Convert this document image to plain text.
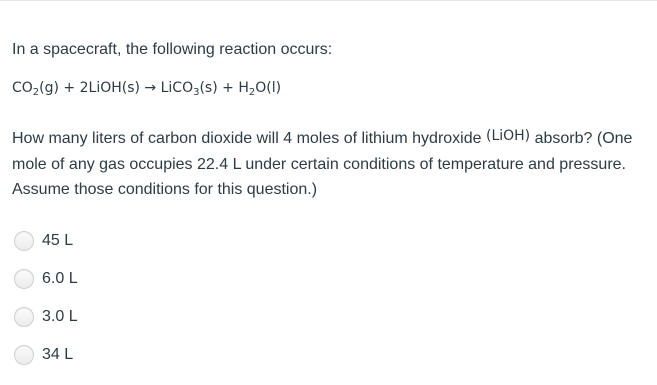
In a spacecraft, the following reaction occurs:
$CO_2(g)$ + 2LiOH(s) → LiCO$_3$(s) + $H_2O(l)$
How many liters of carbon dioxide will 4 moles of lithium hydroxide (LiOH) absorb? (One mole of any gas occupies 22.4 L under certain conditions of temperature and pressure. Assume those conditions for this question.)
45 L
6.0 L
3.0 L
34 L
